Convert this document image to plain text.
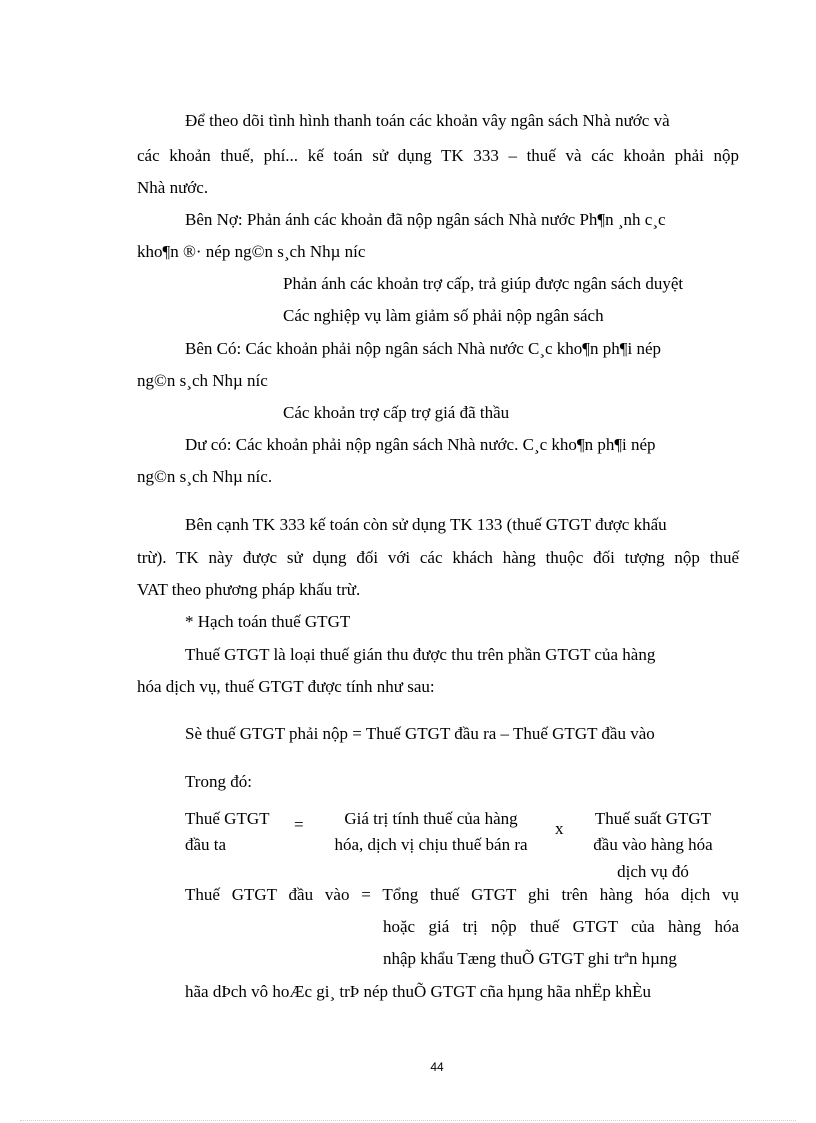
Để theo dõi tình hình thanh toán các khoản vây ngân sách Nhà nước và
các khoản thuế, phí... kế toán sử dụng TK 333 – thuế và các khoản phải nộp
Nhà nước.
Bên Nợ: Phản ánh các khoản đã nộp ngân sách Nhà nước Ph¶n ¸nh c¸c
kho¶n ®· nép ng©n s¸ch Nhµ níc
Phản ánh các khoản trợ cấp, trả giúp được ngân sách duyệt
Các nghiệp vụ làm giảm số phải nộp ngân sách
Bên Có: Các khoản phải nộp ngân sách Nhà nước C¸c kho¶n ph¶i nép
ng©n s¸ch Nhµ níc
Các khoản trợ cấp trợ giá đã thầu
Dư có: Các khoản phải nộp ngân sách Nhà nước. C¸c kho¶n ph¶i nép
ng©n s¸ch Nhµ níc.
Bên cạnh TK 333 kế toán còn sử dụng TK 133 (thuế GTGT được khấu
trừ). TK này được sử dụng đối với các khách hàng thuộc đối tượng nộp thuế
VAT theo phương pháp khấu trừ.
* Hạch toán thuế GTGT
Thuế GTGT là loại thuế gián thu được thu trên phần GTGT của hàng
hóa dịch vụ, thuế GTGT được tính như sau:
Sè thuế GTGT phải nộp = Thuế GTGT đầu ra – Thuế GTGT đầu vào
Trong đó:
Thuế GTGT
đầu ta
=	Giá trị tính thuế của hàng
hóa, dịch vị chịu thuế bán ra
x
Thuế suất GTGT
đầu vào hàng hóa
dịch vụ đó
Thuế GTGT đầu vào = Tổng thuế GTGT ghi trên hàng hóa dịch vụ
hoặc giá trị nộp thuế GTGT của hàng hóa
nhập khẩu Tæng thuÕ GTGT ghi trªn hµng
hãa dÞch vô hoÆc gi¸ trÞ nép thuÕ GTGT cña hµng hãa nhËp khÈu
44
